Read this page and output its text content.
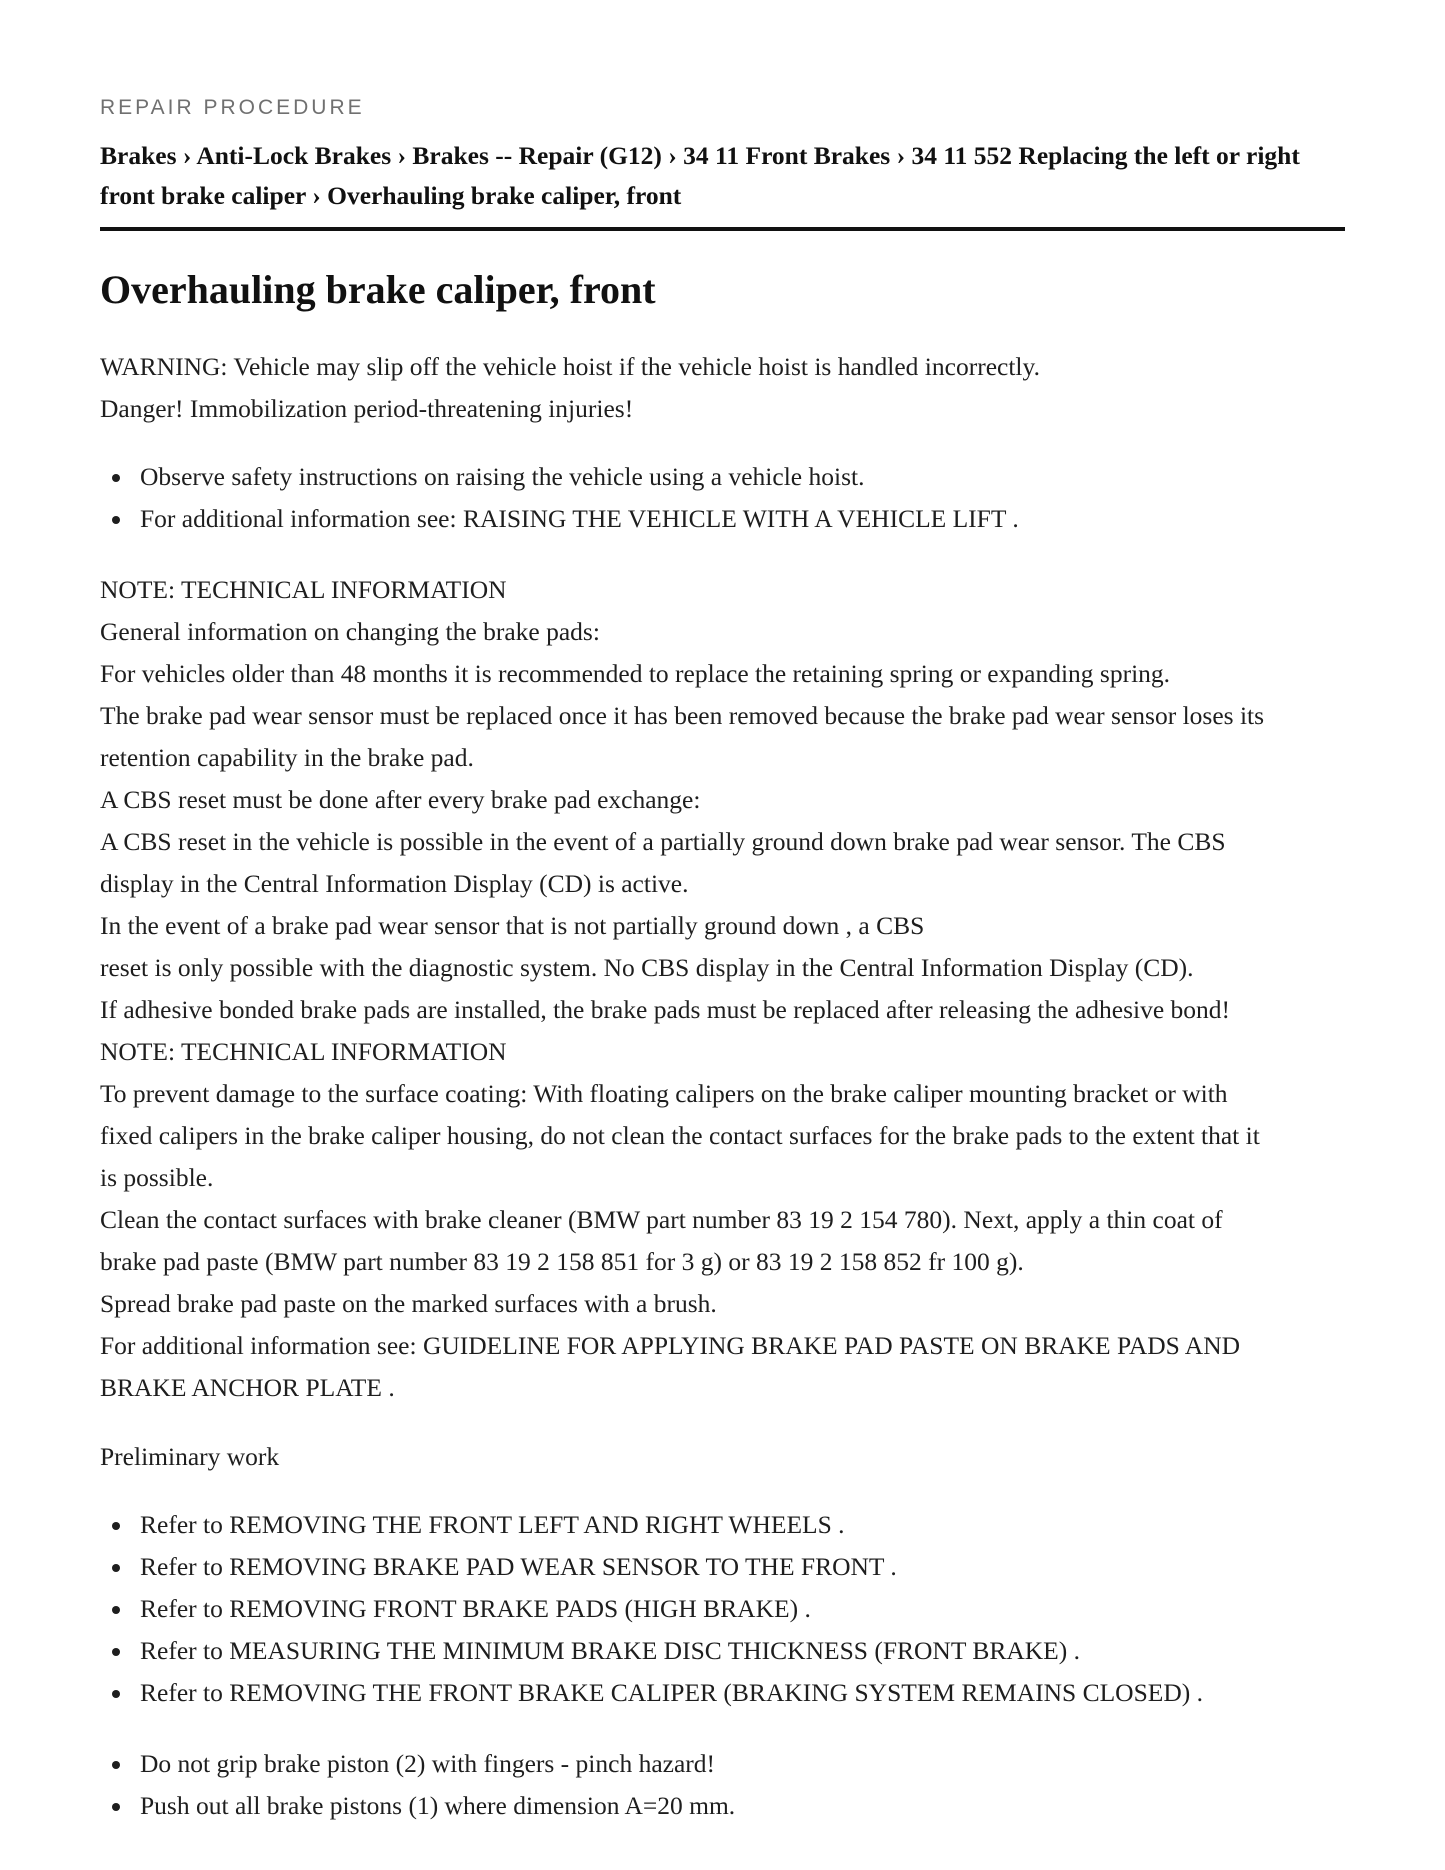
REPAIR PROCEDURE
Brakes › Anti-Lock Brakes › Brakes -- Repair (G12) › 34 11 Front Brakes › 34 11 552 Replacing the left or right front brake caliper › Overhauling brake caliper, front
Overhauling brake caliper, front

WARNING: Vehicle may slip off the vehicle hoist if the vehicle hoist is handled incorrectly.

Danger! Immobilization period-threatening injuries!

Observe safety instructions on raising the vehicle using a vehicle hoist.
For additional information see: RAISING THE VEHICLE WITH A VEHICLE LIFT .

NOTE: TECHNICAL INFORMATION

General information on changing the brake pads:

For vehicles older than 48 months it is recommended to replace the retaining spring or expanding spring.

The brake pad wear sensor must be replaced once it has been removed because the brake pad wear sensor loses its retention capability in the brake pad.

A CBS reset must be done after every brake pad exchange:

A CBS reset in the vehicle is possible in the event of a partially ground down brake pad wear sensor. The CBS

display in the Central Information Display (CD) is active.

In the event of a brake pad wear sensor that is not partially ground down , a CBS

reset is only possible with the diagnostic system. No CBS display in the Central Information Display (CD).

If adhesive bonded brake pads are installed, the brake pads must be replaced after releasing the adhesive bond!

NOTE: TECHNICAL INFORMATION

To prevent damage to the surface coating: With floating calipers on the brake caliper mounting bracket or with

fixed calipers in the brake caliper housing, do not clean the contact surfaces for the brake pads to the extent that it

is possible.

Clean the contact surfaces with brake cleaner (BMW part number 83 19 2 154 780). Next, apply a thin coat of

brake pad paste (BMW part number 83 19 2 158 851 for 3 g) or 83 19 2 158 852 fr 100 g).

Spread brake pad paste on the marked surfaces with a brush.

For additional information see: GUIDELINE FOR APPLYING BRAKE PAD PASTE ON BRAKE PADS AND

BRAKE ANCHOR PLATE .

Preliminary work

Refer to REMOVING THE FRONT LEFT AND RIGHT WHEELS .
Refer to REMOVING BRAKE PAD WEAR SENSOR TO THE FRONT .
Refer to REMOVING FRONT BRAKE PADS (HIGH BRAKE) .
Refer to MEASURING THE MINIMUM BRAKE DISC THICKNESS (FRONT BRAKE) .
Refer to REMOVING THE FRONT BRAKE CALIPER (BRAKING SYSTEM REMAINS CLOSED) .
Do not grip brake piston (2) with fingers - pinch hazard!
Push out all brake pistons (1) where dimension A=20 mm.
